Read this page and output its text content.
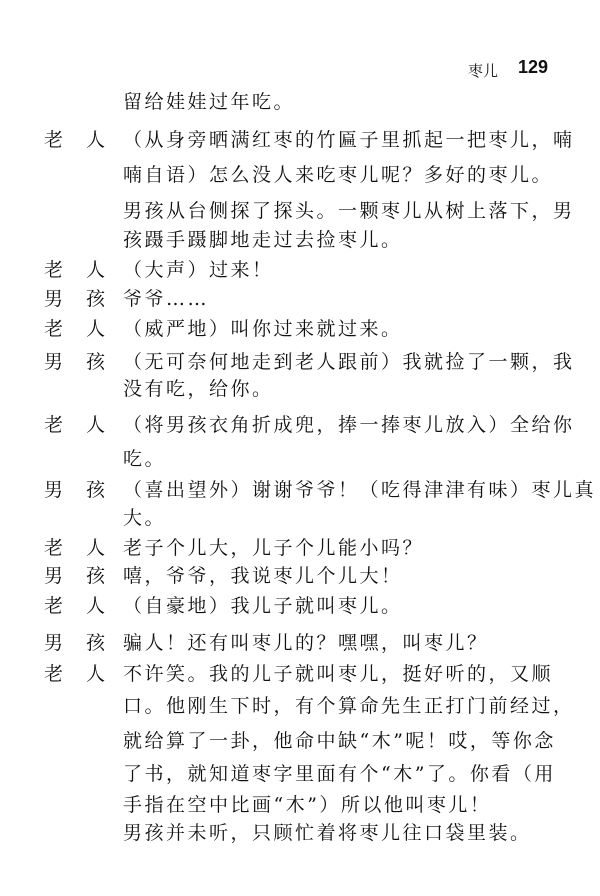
枣儿 129
留给娃娃过年吃。
老 人 （从身旁晒满红枣的竹匾子里抓起一把枣儿，喃
喃自语）怎么没人来吃枣儿呢？多好的枣儿。
男孩从台侧探了探头。一颗枣儿从树上落下，男
孩蹑手蹑脚地走过去捡枣儿。
老 人 （大声）过来！
男 孩 爷爷……
老 人 （威严地）叫你过来就过来。
男 孩 （无可奈何地走到老人跟前）我就捡了一颗，我
没有吃，给你。
老 人 （将男孩衣角折成兜，捧一捧枣儿放入）全给你
吃。
男 孩 （喜出望外）谢谢爷爷！（吃得津津有味）枣儿真
大。
老 人 老子个儿大，儿子个儿能小吗？
男 孩 嘻，爷爷，我说枣儿个儿大！
老 人 （自豪地）我儿子就叫枣儿。
男 孩 骗人！还有叫枣儿的？嘿嘿，叫枣儿？
老 人 不许笑。我的儿子就叫枣儿，挺好听的，又顺
口。他刚生下时，有个算命先生正打门前经过，
就给算了一卦，他命中缺“木”呢！哎，等你念
了书，就知道枣字里面有个“木”了。你看（用
手指在空中比画“木”）所以他叫枣儿！
男孩并未听，只顾忙着将枣儿往口袋里装。
